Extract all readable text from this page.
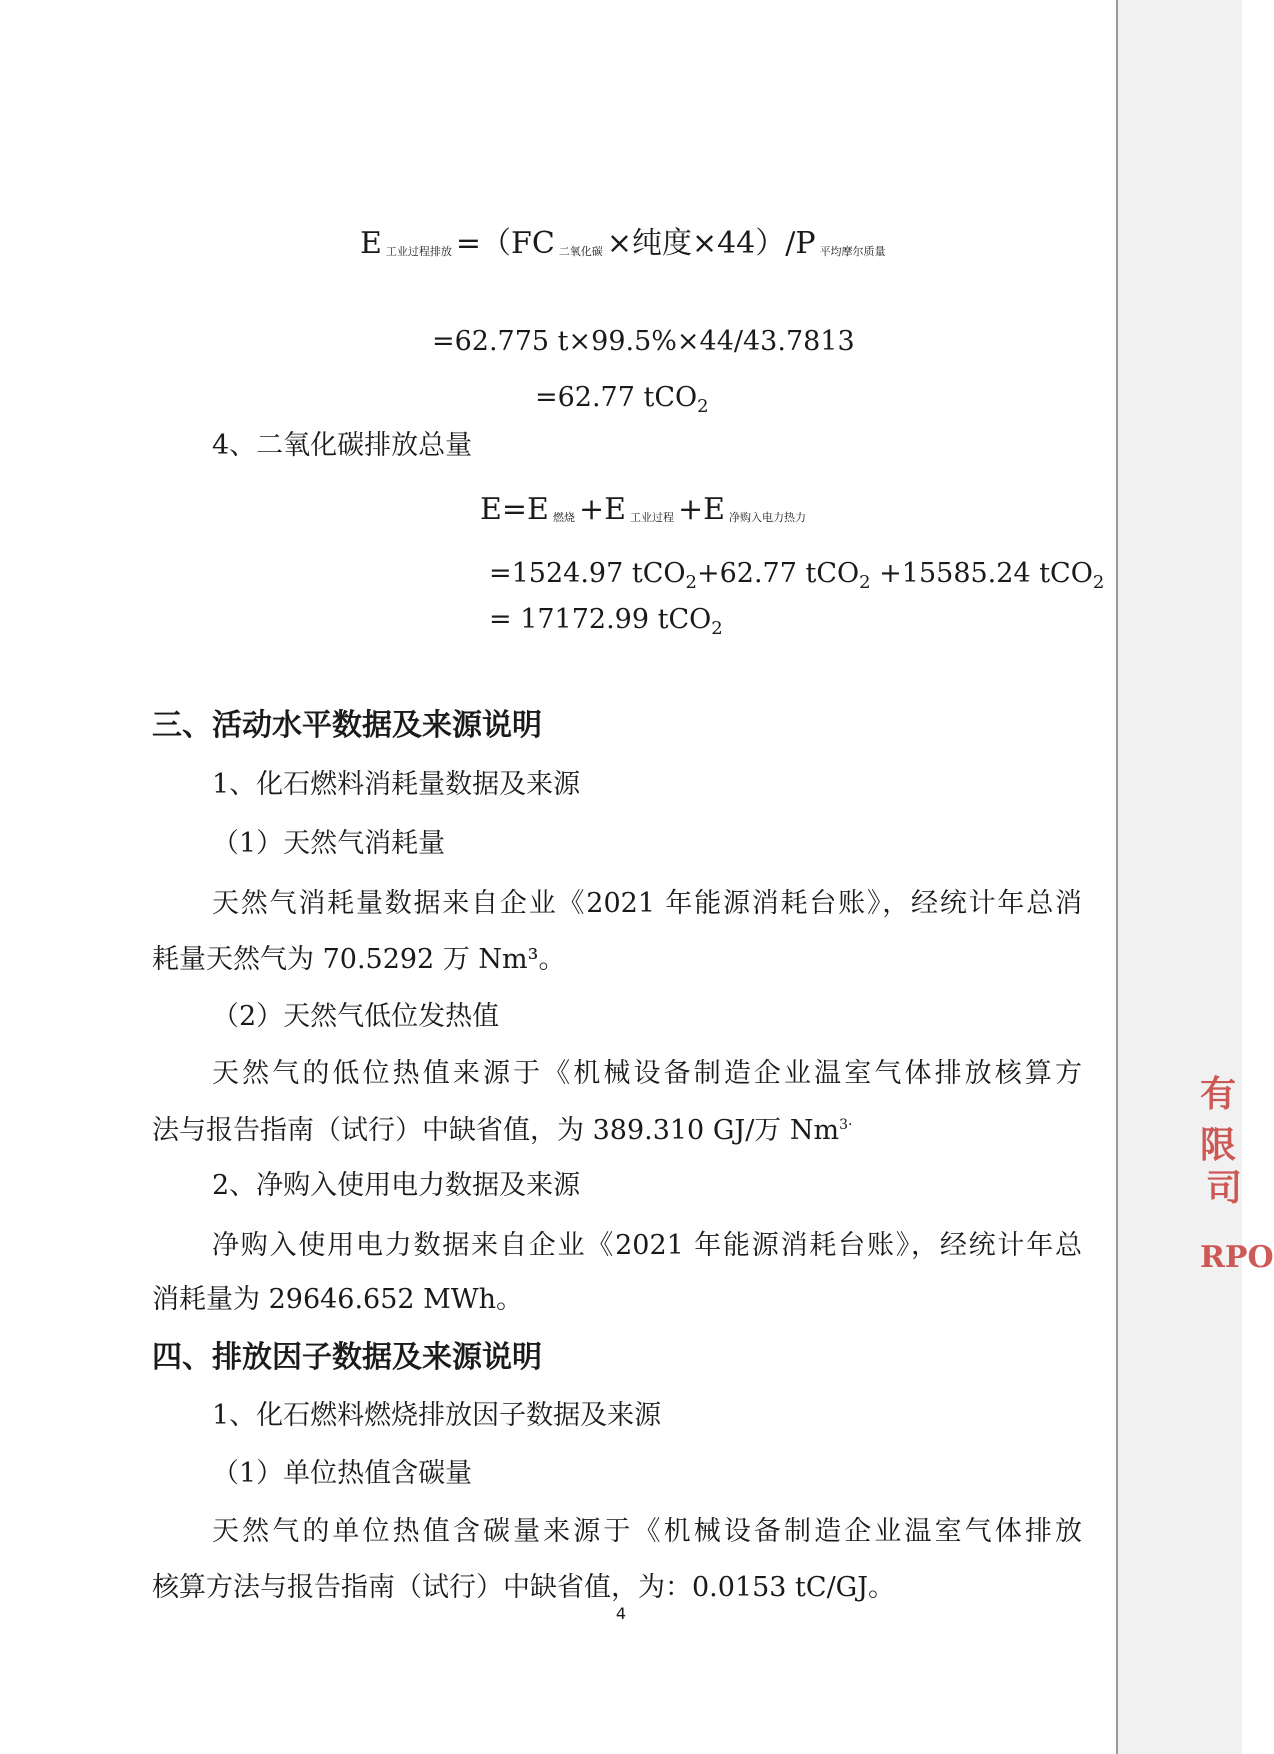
E $_{工业过程排放}$ =（FC $_{二氧化碳}$ ×纯度×44）/P $_{平均摩尔质量}$
=62.775 t×99.5%×44/43.7813
=62.77 tCO$_2$
4、二氧化碳排放总量
E=E $_{燃烧}$ +E $_{工业过程}$ +E $_{净购入电力热力}$
=1524.97 tCO$_2$+62.77 tCO$_2$ +15585.24 tCO$_2$
= 17172.99 tCO$_2$
三、活动水平数据及来源说明
1、化石燃料消耗量数据及来源
（1）天然气消耗量
天然气消耗量数据来自企业《2021 年能源消耗台账》，经统计年总消
耗量天然气为 70.5292 万 Nm³。
（2）天然气低位发热值
天然气的低位热值来源于《机械设备制造企业温室气体排放核算方
法与报告指南（试行）中缺省值，为 389.310 GJ/万 $Nm^{3\cdot}$
2、净购入使用电力数据及来源
净购入使用电力数据来自企业《2021 年能源消耗台账》，经统计年总
消耗量为 29646.652 MWh。
四、排放因子数据及来源说明
1、化石燃料燃烧排放因子数据及来源
（1）单位热值含碳量
天然气的单位热值含碳量来源于《机械设备制造企业温室气体排放
核算方法与报告指南（试行）中缺省值，为：0.0153 tC/GJ。
4
有限
司
RPO
